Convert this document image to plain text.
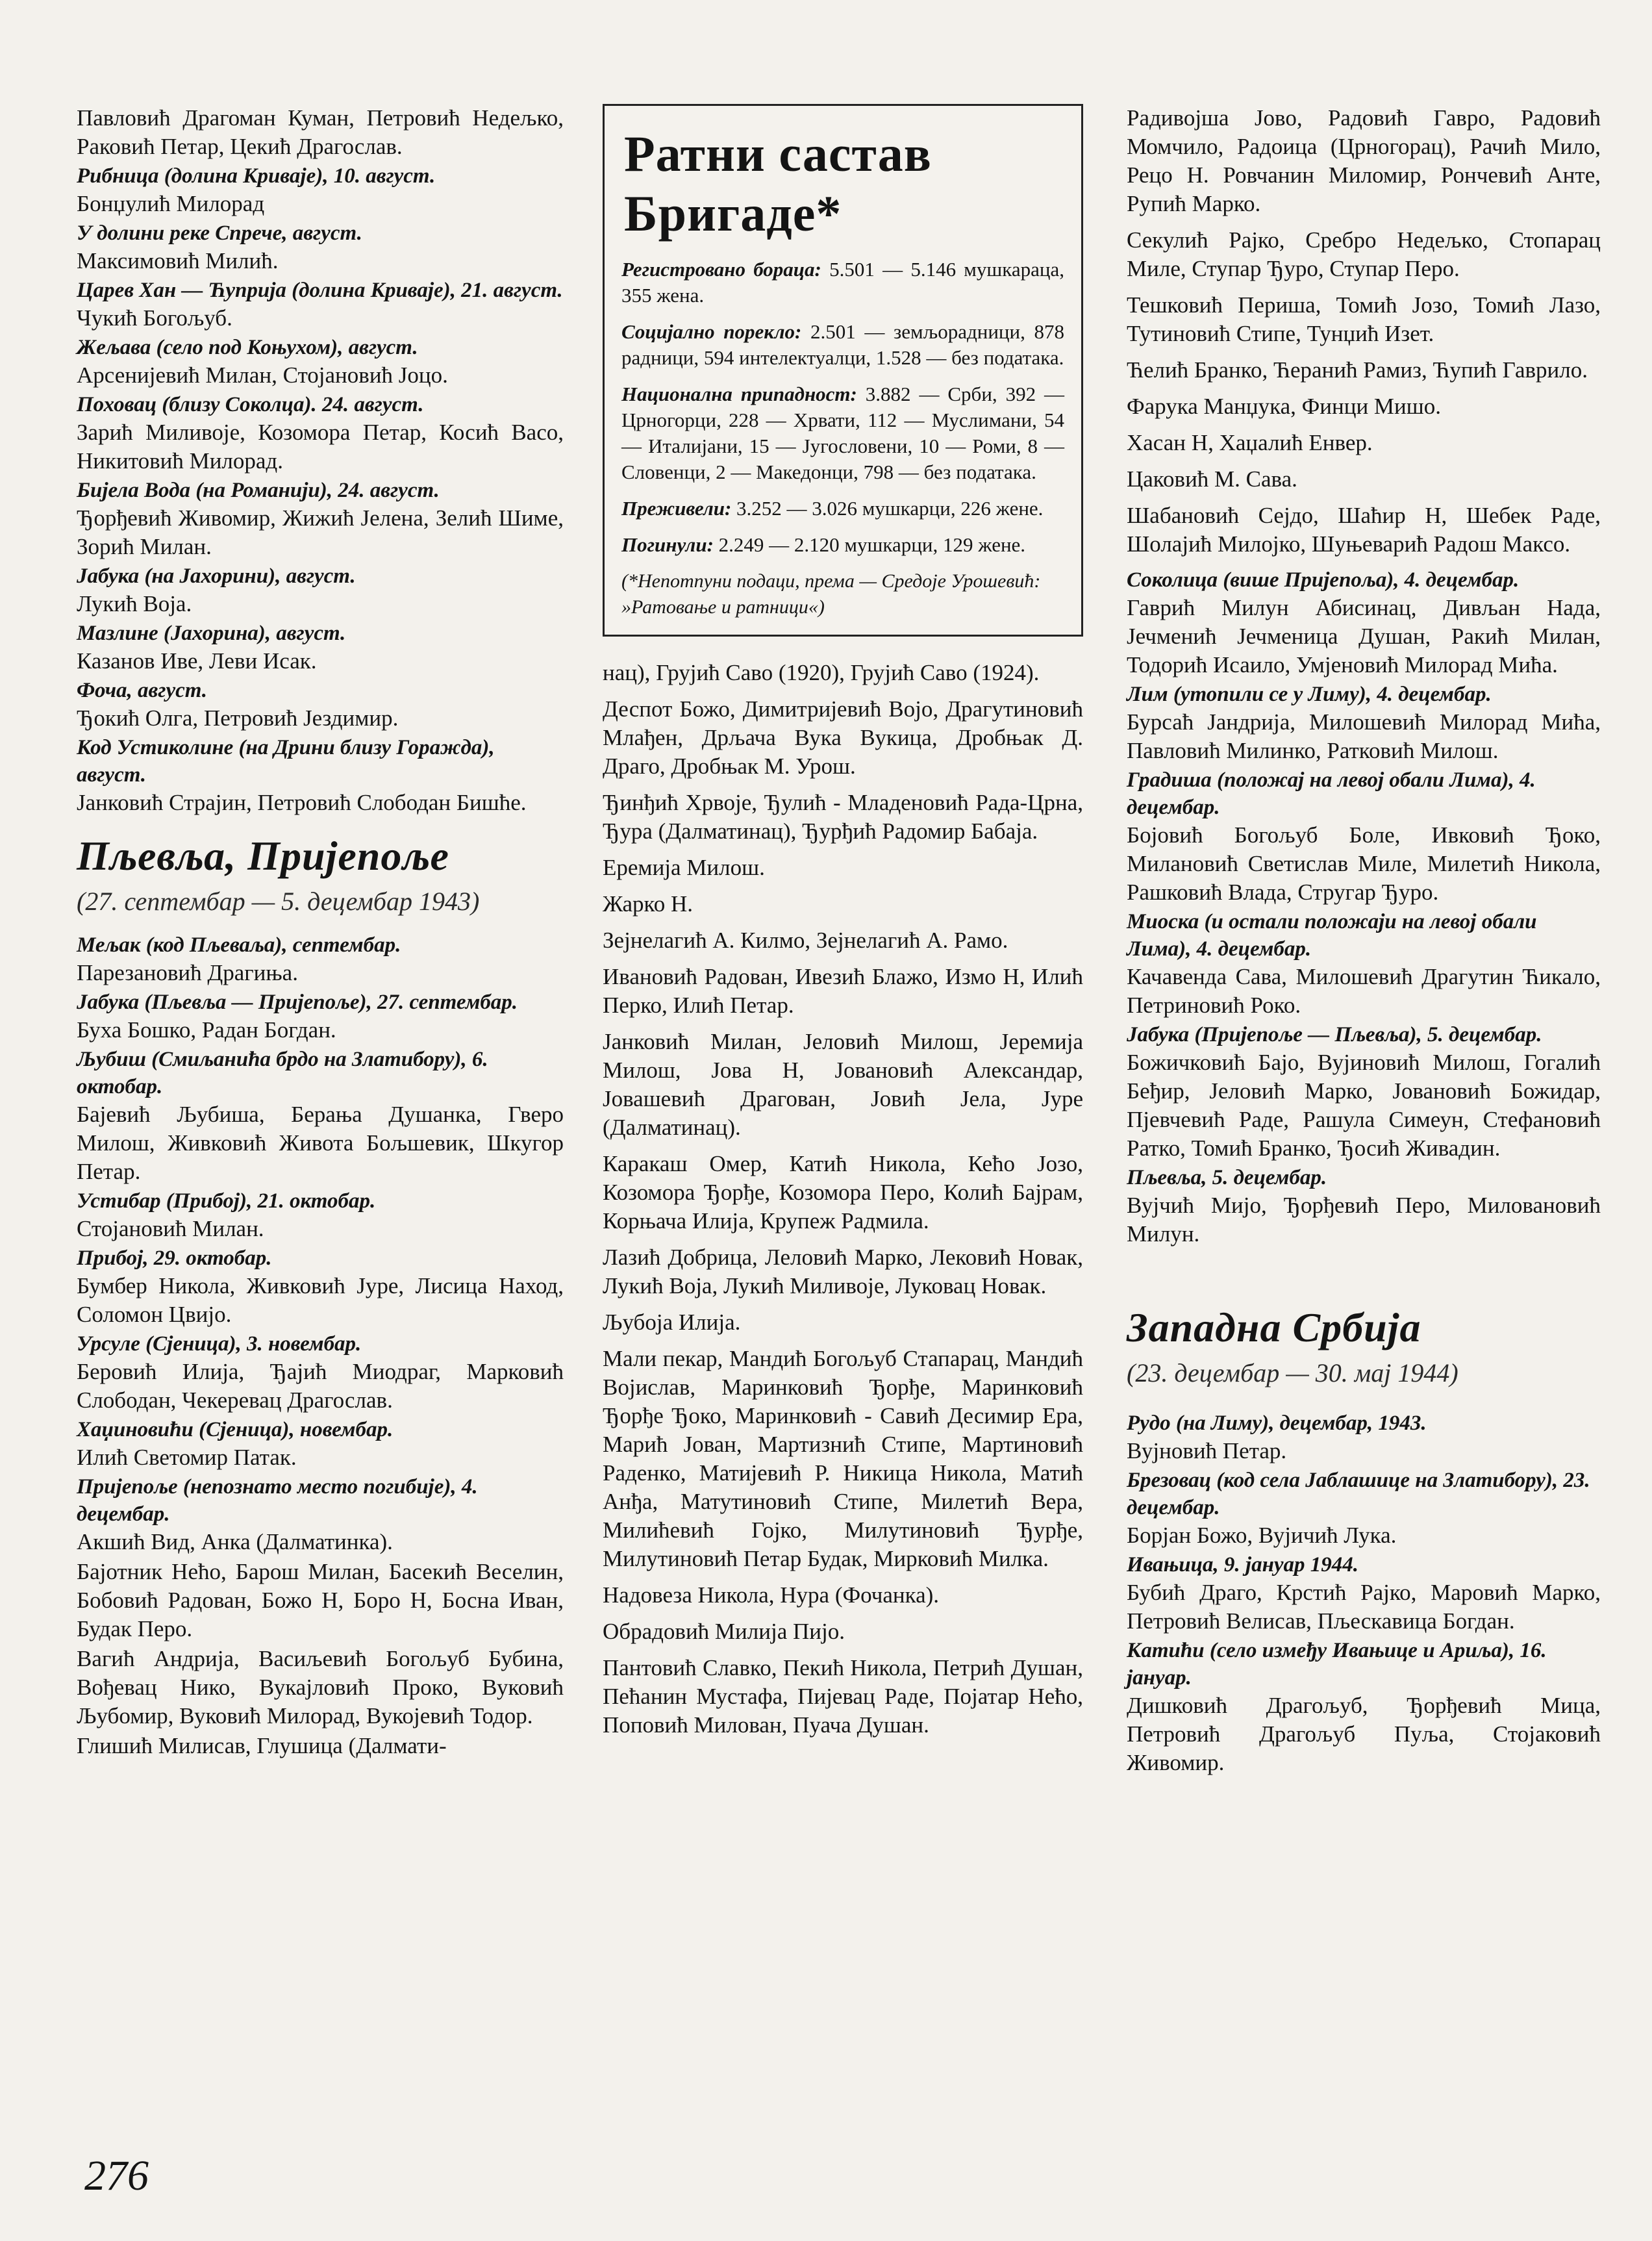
Павловић Драгоман Куман, Петровић Недељко, Раковић Петар, Цекић Драгослав.

Рибница (долина Криваје), 10. август.

Бонџулић Милорад

У долини реке Спрече, август.

Максимовић Милић.

Царев Хан — Ћуприја (долина Криваје), 21. август.

Чукић Богољуб.

Жељава (село под Коњухом), август.

Арсенијевић Милан, Стојановић Јоцо.

Поховац (близу Соколца). 24. август.

Зарић Миливоје, Козомора Петар, Косић Васо, Никитовић Милорад.

Бијела Вода (на Романији), 24. август.

Ђорђевић Живомир, Жижић Јелена, Зелић Шиме, Зорић Милан.

Јабука (на Јахорини), август.

Лукић Воја.

Мазлине (Јахорина), август.

Казанов Иве, Леви Исак.

Фоча, август.

Ђокић Олга, Петровић Јездимир.

Код Устиколине (на Дрини близу Горажда), август.

Јанковић Страјин, Петровић Слободан Бишће.

Пљевља, Пријепоље
(27. септембар — 5. децембар 1943)

Мељак (код Пљеваља), септембар.

Парезановић Драгиња.

Јабука (Пљевља — Пријепоље), 27. септембар.

Буха Бошко, Радан Богдан.

Љубиш (Смиљанића брдо на Златибору), 6. октобар.

Бајевић Љубиша, Берања Душанка, Гверо Милош, Живковић Живота Бољшевик, Шкугор Петар.

Устибар (Прибој), 21. октобар.

Стојановић Милан.

Прибој, 29. октобар.

Бумбер Никола, Живковић Јуре, Лисица Наход, Соломон Цвијо.

Урсуле (Сјеница), 3. новембар.

Беровић Илија, Ђајић Миодраг, Марковић Слободан, Чекеревац Драгослав.

Хаџиновићи (Сјеница), новембар.

Илић Светомир Патак.

Пријепоље (непознато место погибије), 4. децембар.

Акшић Вид, Анка (Далматинка).

Бајотник Нећо, Барош Милан, Басекић Веселин, Бобовић Радован, Божо Н, Боро Н, Босна Иван, Будак Перо.

Вагић Андрија, Васиљевић Богољуб Бубина, Вођевац Нико, Вукајловић Проко, Вуковић Љубомир, Вуковић Милорад, Вукојевић Тодор.

Глишић Милисав, Глушица (Далмати-

Ратни састав Бригаде*
Регистровано бораца: 5.501 — 5.146 мушкараца, 355 жена.
Социјално порекло: 2.501 — земљорадници, 878 радници, 594 интелектуалци, 1.528 — без података.
Национална припадност: 3.882 — Срби, 392 — Црногорци, 228 — Хрвати, 112 — Муслимани, 54 — Италијани, 15 — Југословени, 10 — Роми, 8 — Словенци, 2 — Македонци, 798 — без података.
Преживели: 3.252 — 3.026 мушкарци, 226 жене.
Погинули: 2.249 — 2.120 мушкарци, 129 жене.
(*Непотпуни подаци, према — Средоје Урошевић: »Ратовање и ратници«)

нац), Грујић Саво (1920), Грујић Саво (1924).

Деспот Божо, Димитријевић Војо, Драгутиновић Млађен, Дрљача Вука Вукица, Дробњак Д. Драго, Дробњак М. Урош.

Ђинђић Хрвоје, Ђулић - Младеновић Рада-Црна, Ђура (Далматинац), Ђурђић Радомир Бабаја.

Еремија Милош.

Жарко Н.

Зејнелагић А. Килмо, Зејнелагић А. Рамо.

Ивановић Радован, Ивезић Блажо, Измо Н, Илић Перко, Илић Петар.

Јанковић Милан, Јеловић Милош, Јеремија Милош, Јова Н, Јовановић Александар, Јовашевић Драгован, Јовић Јела, Јуре (Далматинац).

Каракаш Омер, Катић Никола, Кећо Јозо, Козомора Ђорђе, Козомора Перо, Колић Бајрам, Корњача Илија, Крупеж Радмила.

Лазић Добрица, Лeловић Марко, Лековић Новак, Лукић Воја, Лукић Миливоје, Луковац Новак.

Љубоја Илија.

Мали пекар, Мандић Богољуб Стапарац, Мандић Војислав, Маринковић Ђорђе, Маринковић Ђорђе Ђоко, Маринковић - Савић Десимир Ера, Марић Јован, Мартизнић Стипе, Мартиновић Раденко, Матијевић Р. Никица Никола, Матић Анђа, Матутиновић Стипе, Милетић Вера, Милићевић Гојко, Милутиновић Ђурђе, Милутиновић Петар Будак, Мирковић Милка.

Надовеза Никола, Нура (Фочанка).

Обрадовић Милија Пијо.

Пантовић Славко, Пекић Никола, Петрић Душан, Пећанин Мустафа, Пијевац Раде, Појатар Нећо, Поповић Милован, Пуача Душан.

Радивојша Јово, Радовић Гавро, Радовић Момчило, Радоица (Црногорац), Рачић Мило, Рецо Н. Ровчанин Миломир, Рончевић Анте, Рупић Марко.

Секулић Рајко, Сребро Недељко, Стопарац Миле, Ступар Ђуро, Ступар Перо.

Тешковић Периша, Томић Јозо, Томић Лазо, Тутиновић Стипе, Тунџић Изет.

Ћелић Бранко, Ћеранић Рамиз, Ћупић Гаврило.

Фарука Манџука, Финци Мишо.

Хасан Н, Хаџалић Енвер.

Цаковић М. Сава.

Шабановић Сејдо, Шаћир Н, Шебек Раде, Шолајић Милојко, Шуњеварић Радош Максо.

Соколица (више Пријепоља), 4. децембар.

Гаврић Милун Абисинац, Дивљан Нада, Јечменић Јечменица Душан, Ракић Милан, Тодорић Исаило, Умјеновић Милорад Мића.

Лим (утопили се у Лиму), 4. децембар.

Бурсаћ Јандрија, Милошевић Милорад Мића, Павловић Милинко, Ратковић Милош.

Градиша (положај на левој обали Лима), 4. децембар.

Бојовић Богољуб Боле, Ивковић Ђоко, Милановић Светислав Миле, Милетић Никола, Рашковић Влада, Стругар Ђуро.

Миоска (и остали положаји на левој обали Лима), 4. децембар.

Качавенда Сава, Милошевић Драгутин Ћикало, Петриновић Роко.

Јабука (Пријепоље — Пљевља), 5. децембар.

Божичковић Бајо, Вујиновић Милош, Гогалић Беђир, Јеловић Марко, Јовановић Божидар, Пјевчевић Раде, Рашула Симеун, Стефановић Ратко, Томић Бранко, Ђосић Живадин.

Пљевља, 5. децембар.

Вујчић Мијо, Ђорђевић Перо, Миловановић Милун.

Западна Србија
(23. децембар — 30. мај 1944)

Рудо (на Лиму), децембар, 1943.

Вујновић Петар.

Брезовац (код села Јаблашице на Златибору), 23. децембар.

Борјан Божо, Вујичић Лука.

Ивањица, 9. јануар 1944.

Бубић Драго, Крстић Рајко, Маровић Марко, Петровић Велисав, Пљескавица Богдан.

Катићи (село између Ивањице и Ариља), 16. јануар.

Дишковић Драгољуб, Ђорђевић Мица, Петровић Драгољуб Пуља, Стојаковић Живомир.

276
